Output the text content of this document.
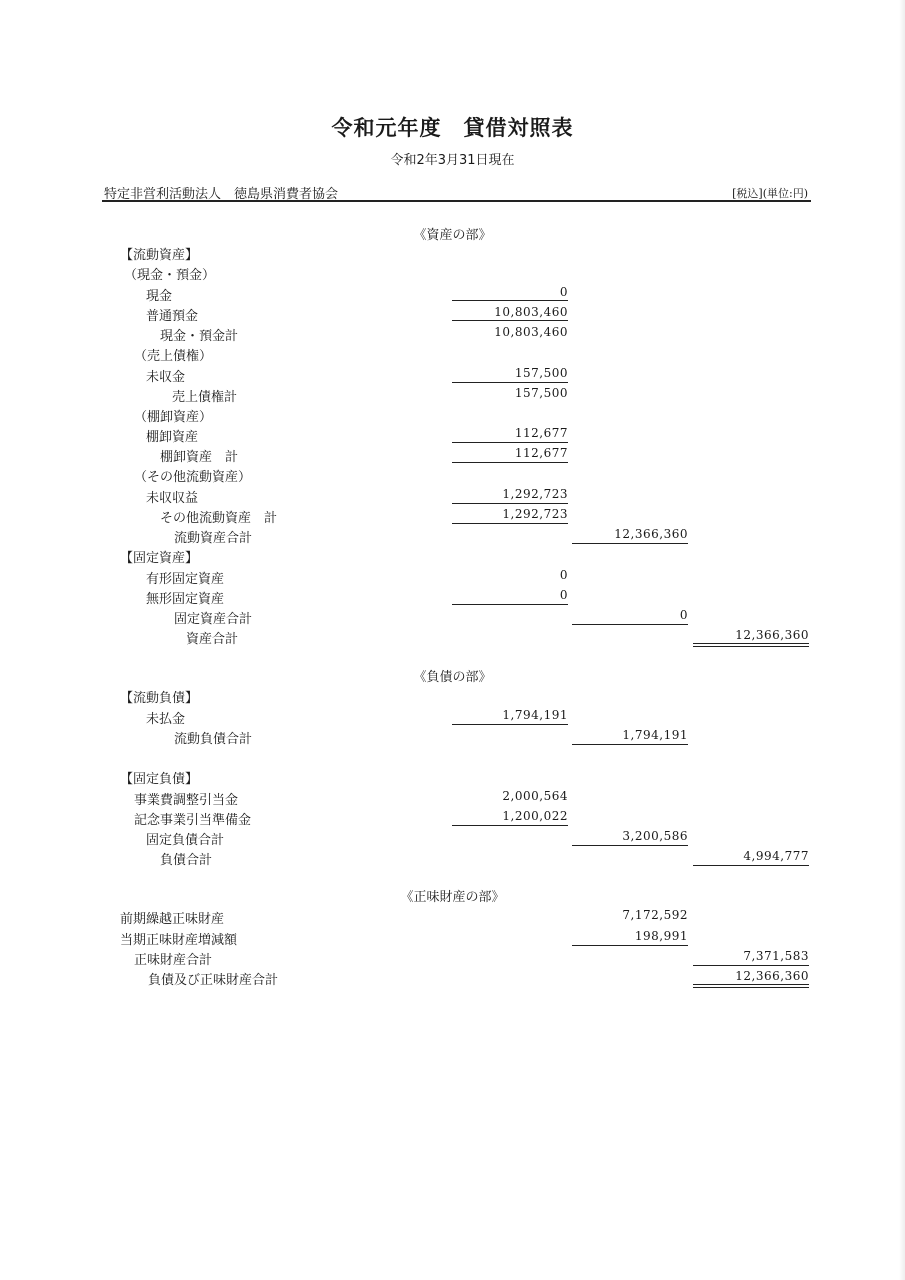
令和元年度　貸借対照表
令和2年3月31日現在
特定非営利活動法人　徳島県消費者協会	[税込](単位:円)
《資産の部》
【流動資産】
（現金・預金）
現金	0
普通預金	10,803,460
現金・預金計	10,803,460
（売上債権）
未収金	157,500
売上債権計	157,500
（棚卸資産）
棚卸資産	112,677
棚卸資産　計	112,677
（その他流動資産）
未収収益	1,292,723
その他流動資産　計	1,292,723
流動資産合計	12,366,360
【固定資産】
有形固定資産	0
無形固定資産	0
固定資産合計	0
資産合計	12,366,360
《負債の部》
【流動負債】
未払金	1,794,191
流動負債合計	1,794,191
【固定負債】
事業費調整引当金	2,000,564
記念事業引当準備金	1,200,022
固定負債合計	3,200,586
負債合計	4,994,777
《正味財産の部》
前期繰越正味財産	7,172,592
当期正味財産増減額	198,991
正味財産合計	7,371,583
負債及び正味財産合計	12,366,360
